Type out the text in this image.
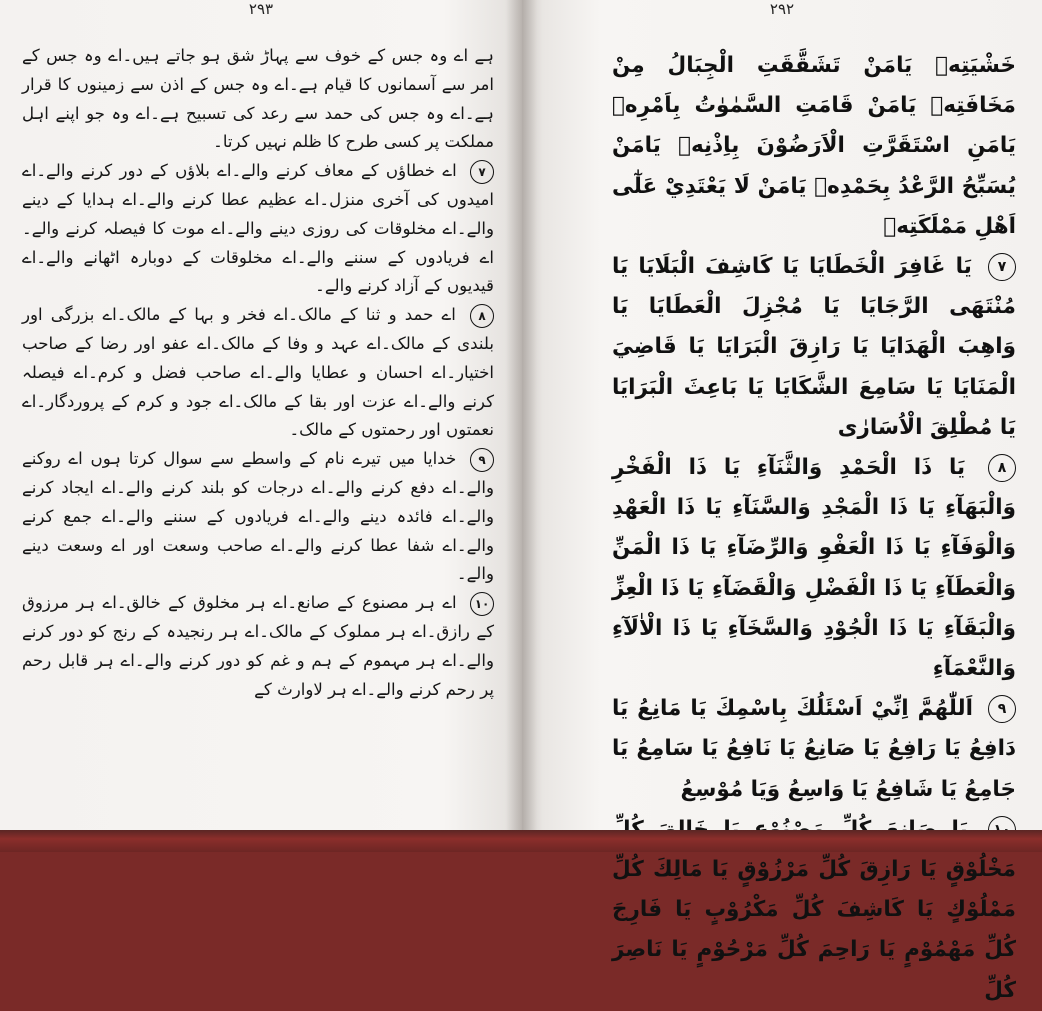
۲۹۳

ہے اے وہ جس کے خوف سے پہاڑ شق ہو جاتے ہیں۔اے وہ جس کے امر سے آسمانوں کا قیام ہے۔اے وہ جس کے اذن سے زمینوں کا قرار ہے۔اے وہ جس کی حمد سے رعد کی تسبیح ہے۔اے وہ جو اپنے اہل مملکت پر کسی طرح کا ظلم نہیں کرتا۔

۷ اے خطاؤں کے معاف کرنے والے۔اے بلاؤں کے دور کرنے والے۔اے امیدوں کی آخری منزل۔اے عظیم عطا کرنے والے۔اے ہدایا کے دینے والے۔اے مخلوقات کی روزی دینے والے۔اے موت کا فیصلہ کرنے والے۔اے فریادوں کے سننے والے۔اے مخلوقات کے دوبارہ اٹھانے والے۔اے قیدیوں کے آزاد کرنے والے۔

۸ اے حمد و ثنا کے مالک۔اے فخر و بہا کے مالک۔اے بزرگی اور بلندی کے مالک۔اے عہد و وفا کے مالک۔اے عفو اور رضا کے صاحب اختیار۔اے احسان و عطایا والے۔اے صاحب فضل و کرم۔اے فیصلہ کرنے والے۔اے عزت اور بقا کے مالک۔اے جود و کرم کے پروردگار۔اے نعمتوں اور رحمتوں کے مالک۔

۹ خدایا میں تیرے نام کے واسطے سے سوال کرتا ہوں اے روکنے والے۔اے دفع کرنے والے۔اے درجات کو بلند کرنے والے۔اے ایجاد کرنے والے۔اے فائدہ دینے والے۔اے فریادوں کے سننے والے۔اے جمع کرنے والے۔اے شفا عطا کرنے والے۔اے صاحب وسعت اور اے وسعت دینے والے۔

۱۰ اے ہر مصنوع کے صانع۔اے ہر مخلوق کے خالق۔اے ہر مرزوق کے رازق۔اے ہر مملوک کے مالک۔اے ہر رنجیدہ کے رنج کو دور کرنے والے۔اے ہر مہموم کے ہم و غم کو دور کرنے والے۔اے ہر قابل رحم پر رحم کرنے والے۔اے ہر لاوارث کے

۲۹۲

خَشْيَتِهٖ يَامَنْ تَشَقَّقَتِ الْجِبَالُ مِنْ مَخَافَتِهٖ يَامَنْ قَامَتِ السَّمٰوٰتُ بِاَمْرِهٖ يَامَنِ اسْتَقَرَّتِ الْاَرَضُوْنَ بِاِذْنِهٖ يَامَنْ يُسَبِّحُ الرَّعْدُ بِحَمْدِهٖ يَامَنْ لَا يَعْتَدِيْ عَلٰٓى اَهْلِ مَمْلَكَتِهٖ

۷ يَا غَافِرَ الْخَطَايَا يَا كَاشِفَ الْبَلَايَا يَا مُنْتَهَى الرَّجَايَا يَا مُجْزِلَ الْعَطَايَا يَا وَاهِبَ الْهَدَايَا يَا رَازِقَ الْبَرَايَا يَا قَاضِيَ الْمَنَايَا يَا سَامِعَ الشَّكَايَا يَا بَاعِثَ الْبَرَايَا يَا مُطْلِقَ الْاُسَارٰى

۸ يَا ذَا الْحَمْدِ وَالثَّنَآءِ يَا ذَا الْفَخْرِ وَالْبَهَآءِ يَا ذَا الْمَجْدِ وَالسَّنَآءِ يَا ذَا الْعَهْدِ وَالْوَفَآءِ يَا ذَا الْعَفْوِ وَالرِّضَآءِ يَا ذَا الْمَنِّ وَالْعَطَآءِ يَا ذَا الْفَضْلِ وَالْقَضَآءِ يَا ذَا الْعِزِّ وَالْبَقَآءِ يَا ذَا الْجُوْدِ وَالسَّخَآءِ يَا ذَا الْاٰلَآءِ وَالنَّعْمَآءِ

۹ اَللّٰهُمَّ اِنِّيْ اَسْئَلُكَ بِاسْمِكَ يَا مَانِعُ يَا دَافِعُ يَا رَافِعُ يَا صَانِعُ يَا نَافِعُ يَا سَامِعُ يَا جَامِعُ يَا شَافِعُ يَا وَاسِعُ وَيَا مُوْسِعُ

مَخْلُوْقٍ يَا رَازِقَ كُلِّ مَرْزُوْقٍ يَا مَالِكَ كُلِّ مَمْلُوْكٍ يَا كَاشِفَ كُلِّ مَكْرُوْبٍ يَا فَارِجَ كُلِّ مَهْمُوْمٍ يَا رَاحِمَ كُلِّ مَرْحُوْمٍ يَا نَاصِرَ كُلِّ
